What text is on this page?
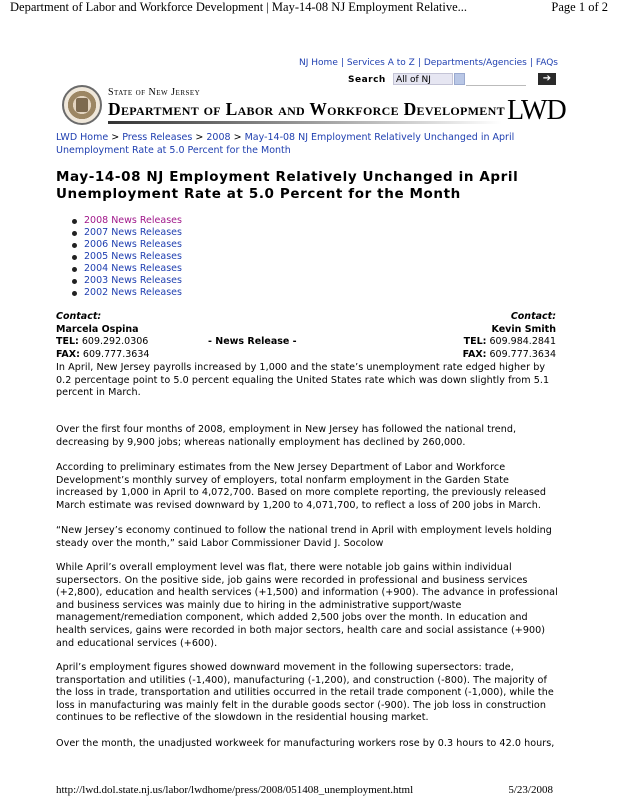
Department of Labor and Workforce Development | May-14-08 NJ Employment Relative...	Page 1 of 2
NJ Home | Services A to Z | Departments/Agencies | FAQs
Search	All of NJ	➔
State of New Jersey
Department of Labor and Workforce Development LWD
LWD Home > Press Releases > 2008 > May-14-08 NJ Employment Relatively Unchanged in April Unemployment Rate at 5.0 Percent for the Month
May-14-08 NJ Employment Relatively Unchanged in April Unemployment Rate at 5.0 Percent for the Month
2008 News Releases
2007 News Releases
2006 News Releases
2005 News Releases
2004 News Releases
2003 News Releases
2002 News Releases
Contact:
Marcela Ospina
TEL: 609.292.0306
FAX: 609.777.3634
- News Release -
Contact:
Kevin Smith
TEL: 609.984.2841
FAX: 609.777.3634
In April, New Jersey payrolls increased by 1,000 and the state’s unemployment rate edged higher by 0.2 percentage point to 5.0 percent equaling the United States rate which was down slightly from 5.1 percent in March.
Over the first four months of 2008, employment in New Jersey has followed the national trend, decreasing by 9,900 jobs; whereas nationally employment has declined by 260,000.
According to preliminary estimates from the New Jersey Department of Labor and Workforce Development’s monthly survey of employers, total nonfarm employment in the Garden State increased by 1,000 in April to 4,072,700. Based on more complete reporting, the previously released March estimate was revised downward by 1,200 to 4,071,700, to reflect a loss of 200 jobs in March.
“New Jersey’s economy continued to follow the national trend in April with employment levels holding steady over the month,” said Labor Commissioner David J. Socolow
While April’s overall employment level was flat, there were notable job gains within individual supersectors. On the positive side, job gains were recorded in professional and business services (+2,800), education and health services (+1,500) and information (+900). The advance in professional and business services was mainly due to hiring in the administrative support/waste management/remediation component, which added 2,500 jobs over the month. In education and health services, gains were recorded in both major sectors, health care and social assistance (+900) and educational services (+600).
April’s employment figures showed downward movement in the following supersectors: trade, transportation and utilities (-1,400), manufacturing (-1,200), and construction (-800). The majority of the loss in trade, transportation and utilities occurred in the retail trade component (-1,000), while the loss in manufacturing was mainly felt in the durable goods sector (-900). The job loss in construction continues to be reflective of the slowdown in the residential housing market.
Over the month, the unadjusted workweek for manufacturing workers rose by 0.3 hours to 42.0 hours,
http://lwd.dol.state.nj.us/labor/lwdhome/press/2008/051408_unemployment.html	5/23/2008
